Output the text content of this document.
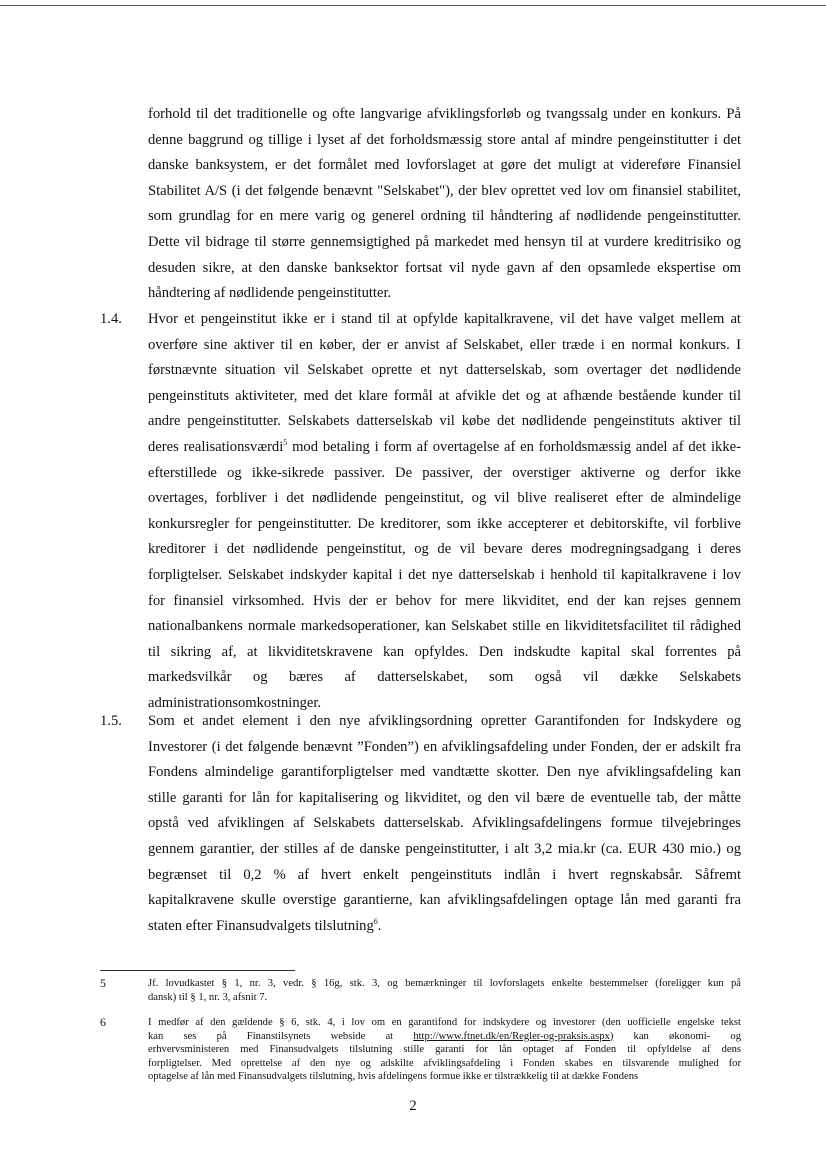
forhold til det traditionelle og ofte langvarige afviklingsforløb og tvangssalg under en konkurs. På
denne baggrund og tillige i lyset af det forholdsmæssig store antal af mindre pengeinstitutter i det
danske banksystem, er det formålet med lovforslaget at gøre det muligt at videreføre Finansiel
Stabilitet A/S (i det følgende benævnt "Selskabet"), der blev oprettet ved lov om finansiel stabilitet,
som grundlag for en mere varig og generel ordning til håndtering af nødlidende pengeinstitutter.
Dette vil bidrage til større gennemsigtighed på markedet med hensyn til at vurdere kreditrisiko og
desuden sikre, at den danske banksektor fortsat vil nyde gavn af den opsamlede ekspertise om
håndtering af nødlidende pengeinstitutter.
1.4. Hvor et pengeinstitut ikke er i stand til at opfylde kapitalkravene, vil det have valget mellem at
overføre sine aktiver til en køber, der er anvist af Selskabet, eller træde i en normal konkurs. I
førstnævnte situation vil Selskabet oprette et nyt datterselskab, som overtager det nødlidende
pengeinstituts aktiviteter, med det klare formål at afvikle det og at afhænde bestående kunder til
andre pengeinstitutter. Selskabets datterselskab vil købe det nødlidende pengeinstituts aktiver til
deres realisationsværdi$^5$ mod betaling i form af overtagelse af en forholdsmæssig andel af det ikke-
efterstillede og ikke-sikrede passiver. De passiver, der overstiger aktiverne og derfor ikke
overtages, forbliver i det nødlidende pengeinstitut, og vil blive realiseret efter de almindelige
konkursregler for pengeinstitutter. De kreditorer, som ikke accepterer et debitorskifte, vil forblive
kreditorer i det nødlidende pengeinstitut, og de vil bevare deres modregningsadgang i deres
forpligtelser. Selskabet indskyder kapital i det nye datterselskab i henhold til kapitalkravene i lov
for finansiel virksomhed. Hvis der er behov for mere likviditet, end der kan rejses gennem
nationalbankens normale markedsoperationer, kan Selskabet stille en likviditetsfacilitet til rådighed
til sikring af, at likviditetskravene kan opfyldes. Den indskudte kapital skal forrentes på
markedsvilkår og bæres af datterselskabet, som også vil dække Selskabets
administrationsomkostninger.
1.5. Som et andet element i den nye afviklingsordning opretter Garantifonden for Indskydere og
Investorer (i det følgende benævnt ”Fonden”) en afviklingsafdeling under Fonden, der er adskilt fra
Fondens almindelige garantiforpligtelser med vandtætte skotter. Den nye afviklingsafdeling kan
stille garanti for lån for kapitalisering og likviditet, og den vil bære de eventuelle tab, der måtte
opstå ved afviklingen af Selskabets datterselskab. Afviklingsafdelingens formue tilvejebringes
gennem garantier, der stilles af de danske pengeinstitutter, i alt 3,2 mia.kr (ca. EUR 430 mio.) og
begrænset til 0,2 % af hvert enkelt pengeinstituts indlån i hvert regnskabsår. Såfremt
kapitalkravene skulle overstige garantierne, kan afviklingsafdelingen optage lån med garanti fra
staten efter Finansudvalgets tilslutning$^6$.
5	Jf. lovudkastet § 1, nr. 3, vedr. § 16g, stk. 3, og bemærkninger til lovforslagets enkelte bestemmelser (foreligger kun på
dansk) til § 1, nr. 3, afsnit 7.
6	I medfør af den gældende § 6, stk. 4, i lov om en garantifond for indskydere og investorer (den uofficielle engelske tekst
kan ses på Finanstilsynets webside at http://www.ftnet.dk/en/Regler-og-praksis.aspx) kan økonomi- og
erhvervsministeren med Finansudvalgets tilslutning stille garanti for lån optaget af Fonden til opfyldelse af dens
forpligtelser. Med oprettelse af den nye og adskilte afviklingsafdeling i Fonden skabes en tilsvarende mulighed for
optagelse af lån med Finansudvalgets tilslutning, hvis afdelingens formue ikke er tilstrækkelig til at dække Fondens
2
